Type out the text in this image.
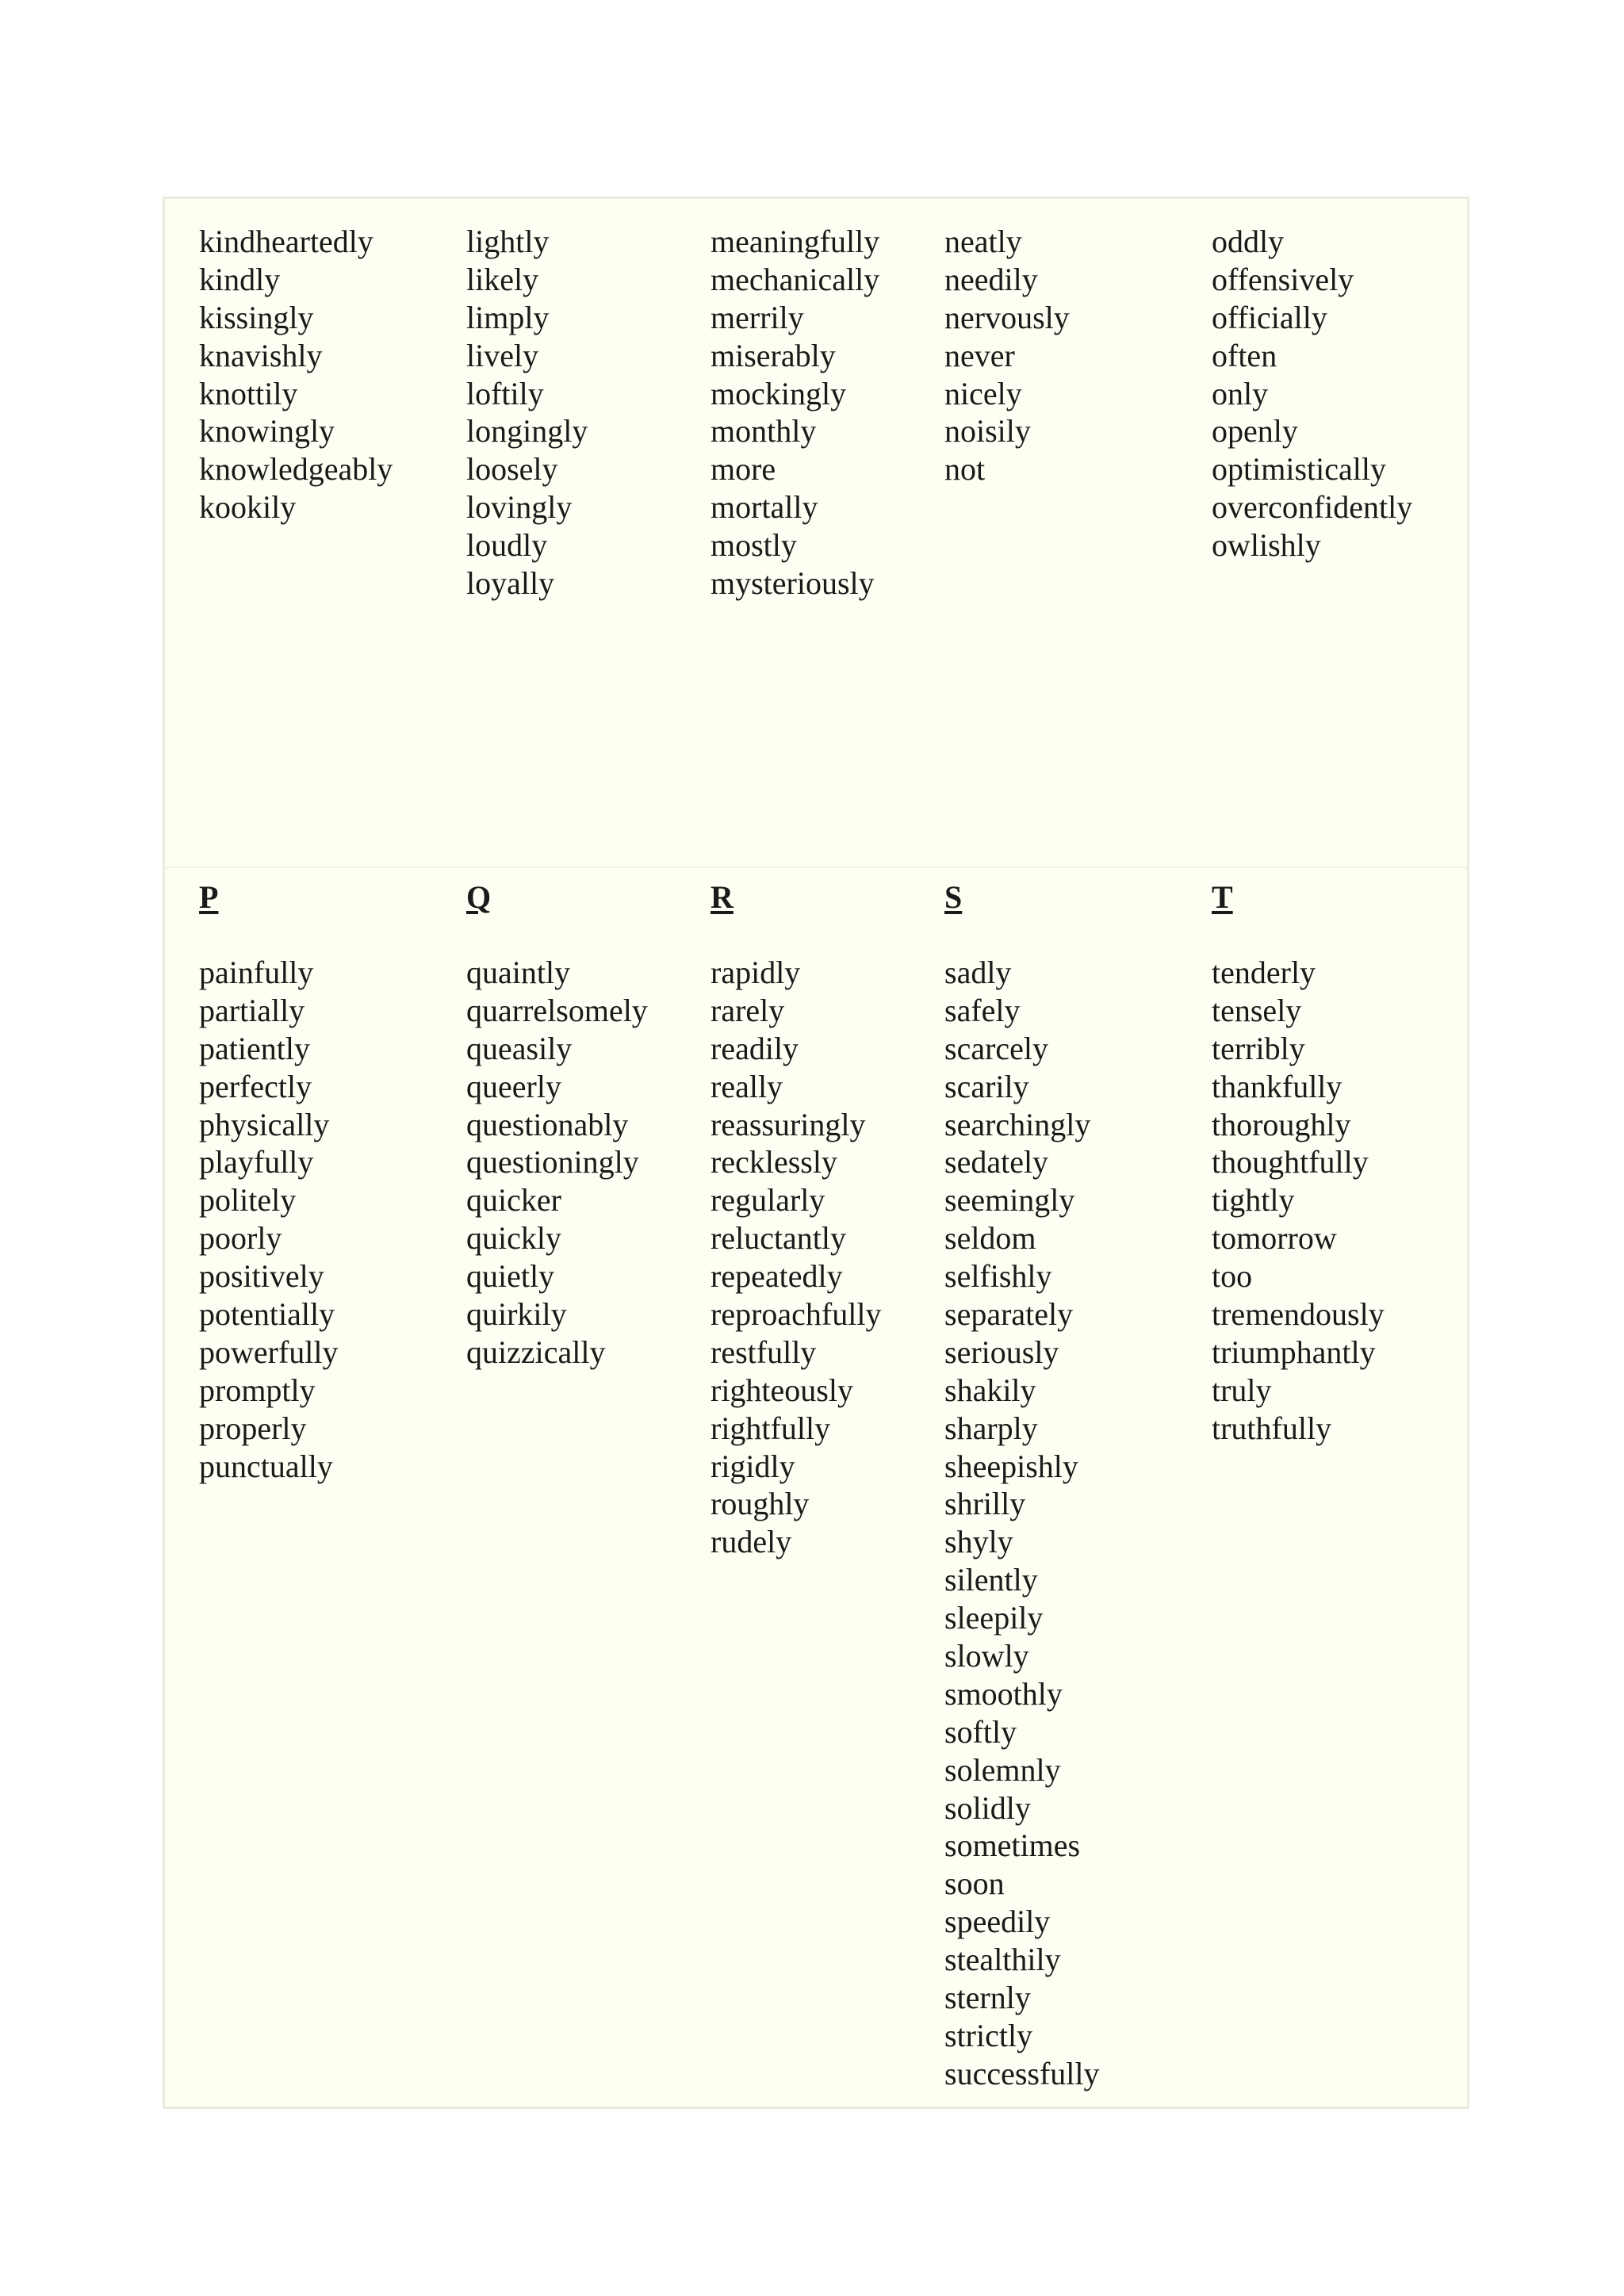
kindheartedly
kindly
kissingly
knavishly
knottily
knowingly
knowledgeably
kookily
lightly
likely
limply
lively
loftily
longingly
loosely
lovingly
loudly
loyally
meaningfully
mechanically
merrily
miserably
mockingly
monthly
more
mortally
mostly
mysteriously
neatly
needily
nervously
never
nicely
noisily
not
oddly
offensively
officially
often
only
openly
optimistically
overconfidently
owlishly
P
painfully
partially
patiently
perfectly
physically
playfully
politely
poorly
positively
potentially
powerfully
promptly
properly
punctually
Q
quaintly
quarrelsomely
queasily
queerly
questionably
questioningly
quicker
quickly
quietly
quirkily
quizzically
R
rapidly
rarely
readily
really
reassuringly
recklessly
regularly
reluctantly
repeatedly
reproachfully
restfully
righteously
rightfully
rigidly
roughly
rudely
S
sadly
safely
scarcely
scarily
searchingly
sedately
seemingly
seldom
selfishly
separately
seriously
shakily
sharply
sheepishly
shrilly
shyly
silently
sleepily
slowly
smoothly
softly
solemnly
solidly
sometimes
soon
speedily
stealthily
sternly
strictly
successfully
T
tenderly
tensely
terribly
thankfully
thoroughly
thoughtfully
tightly
tomorrow
too
tremendously
triumphantly
truly
truthfully
